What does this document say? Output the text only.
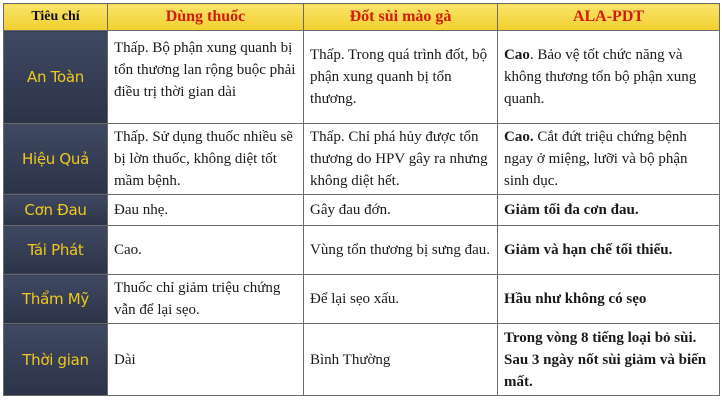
Tiêu chí	Dùng thuốc	Đốt sùi mào gà	ALA-PDT
An Toàn	Thấp. Bộ phận xung quanh bị tổn thương lan rộng buộc phải điều trị thời gian dài	Thấp. Trong quá trình đốt, bộ phận xung quanh bị tổn thương.	Cao. Bảo vệ tốt chức năng và không thương tổn bộ phận xung quanh.
Hiệu Quả	Thấp. Sử dụng thuốc nhiều sẽ bị lờn thuốc, không diệt tốt mầm bệnh.	Thấp. Chỉ phá hủy được tổn thương do HPV gây ra nhưng không diệt hết.	Cao. Cắt đứt triệu chứng bệnh ngay ở miệng, lưỡi và bộ phận sinh dục.
Cơn Đau	Đau nhẹ.	Gây đau đớn.	Giảm tối đa cơn đau.
Tái Phát	Cao.	Vùng tổn thương bị sưng đau.	Giảm và hạn chế tối thiểu.
Thẩm Mỹ	Thuốc chỉ giảm triệu chứng vẫn để lại sẹo.	Để lại sẹo xấu.	Hầu như không có sẹo
Thời gian	Dài	Bình Thường	Trong vòng 8 tiếng loại bỏ sùi. Sau 3 ngày nốt sùi giảm và biến mất.
